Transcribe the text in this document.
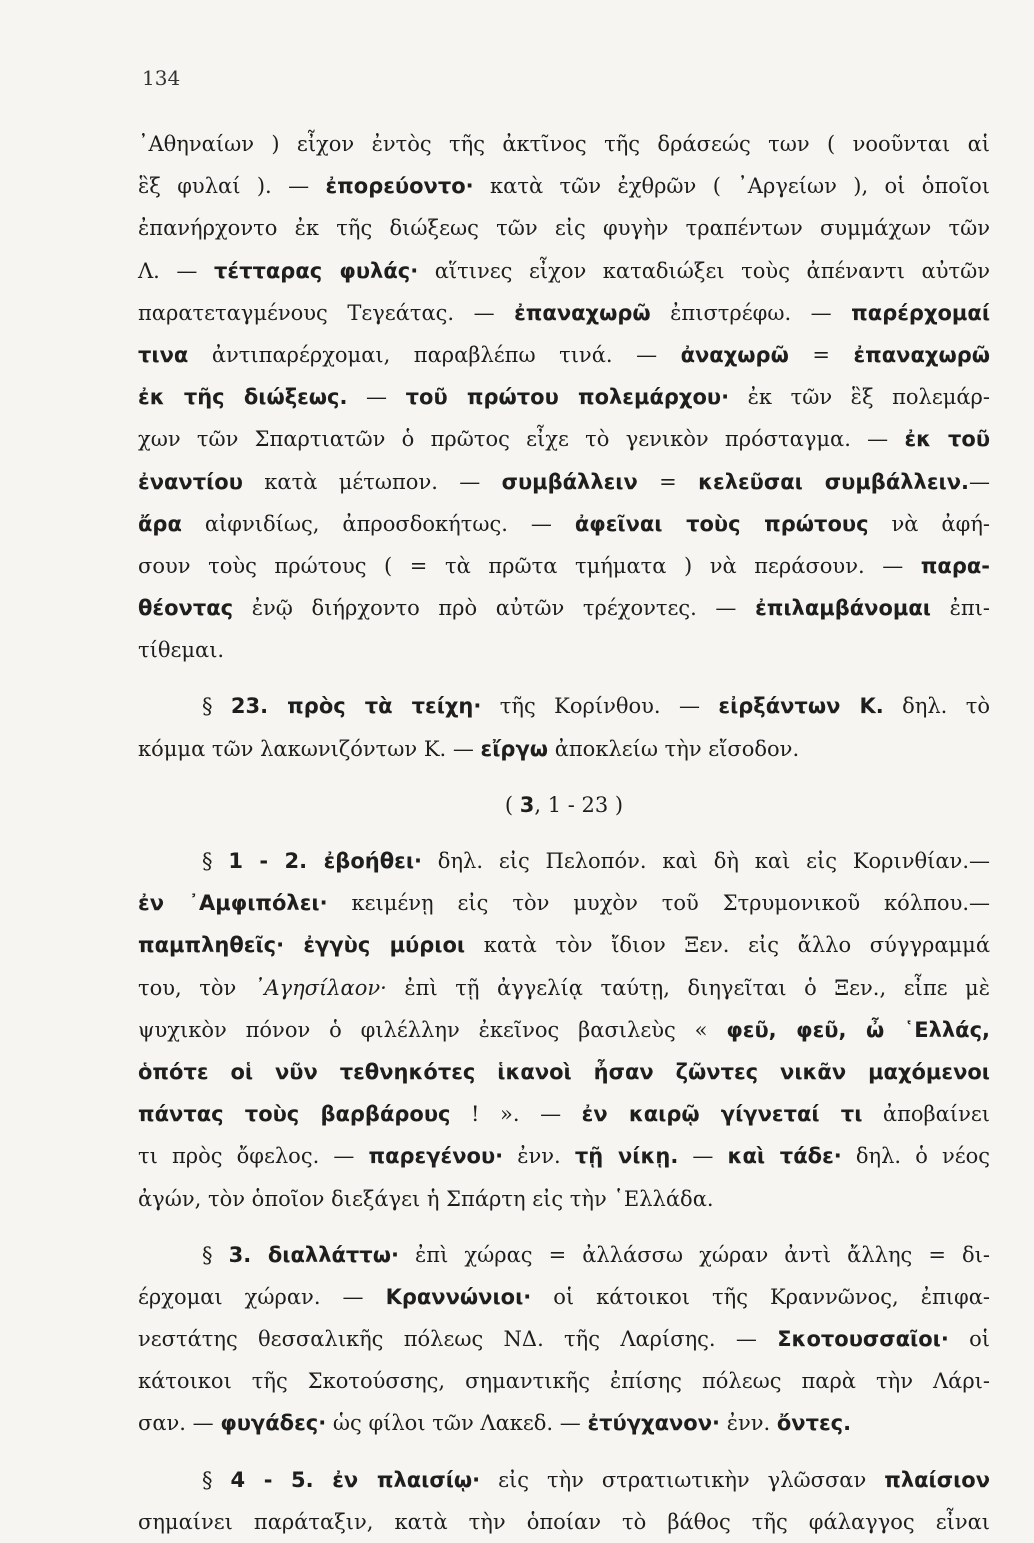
134
᾿Αθηναίων ) εἶχον ἐντὸς τῆς ἀκτῖνος τῆς δράσεώς των ( νοοῦνται αἱ
ἓξ φυλαί ). — ἐπορεύοντο· κατὰ τῶν ἐχθρῶν ( ᾿Αργείων ), οἱ ὁποῖοι
ἐπανήρχοντο ἐκ τῆς διώξεως τῶν εἰς φυγὴν τραπέντων συμμάχων τῶν
Λ. — τέτταρας φυλάς· αἵτινες εἶχον καταδιώξει τοὺς ἀπέναντι αὐτῶν
παρατεταγμένους Τεγεάτας. — ἐπαναχωρῶ ἐπιστρέφω. — παρέρχομαί
τινα ἀντιπαρέρχομαι, παραβλέπω τινά. — ἀναχωρῶ = ἐπαναχωρῶ
ἐκ τῆς διώξεως. — τοῦ πρώτου πολεμάρχου· ἐκ τῶν ἓξ πολεμάρ-
χων τῶν Σπαρτιατῶν ὁ πρῶτος εἶχε τὸ γενικὸν πρόσταγμα. — ἐκ τοῦ
ἐναντίου κατὰ μέτωπον. — συμβάλλειν = κελεῦσαι συμβάλλειν.—
ἄρα αἰφνιδίως, ἀπροσδοκήτως. — ἀφεῖναι τοὺς πρώτους νὰ ἀφή-
σουν τοὺς πρώτους ( = τὰ πρῶτα τμήματα ) νὰ περάσουν. — παρα-
θέοντας ἐνῷ διήρχοντο πρὸ αὐτῶν τρέχοντες. — ἐπιλαμβάνομαι ἐπι-
τίθεμαι.
§ 23. πρὸς τὰ τείχη· τῆς Κορίνθου. — εἰρξάντων Κ. δηλ. τὸ
κόμμα τῶν λακωνιζόντων Κ. — εἴργω ἀποκλείω τὴν εἴσοδον.
( 3, 1 - 23 )
§ 1 - 2. ἐβοήθει· δηλ. εἰς Πελοπόν. καὶ δὴ καὶ εἰς Κορινθίαν.—
ἐν ᾿Αμφιπόλει· κειμένῃ εἰς τὸν μυχὸν τοῦ Στρυμονικοῦ κόλπου.—
παμπληθεῖς· ἐγγὺς μύριοι κατὰ τὸν ἴδιον Ξεν. εἰς ἄλλο σύγγραμμά
του, τὸν ᾿Αγησίλαον· ἐπὶ τῇ ἀγγελίᾳ ταύτῃ, διηγεῖται ὁ Ξεν., εἶπε μὲ
ψυχικὸν πόνον ὁ φιλέλλην ἐκεῖνος βασιλεὺς « φεῦ, φεῦ, ὦ ῾Ελλάς,
ὁπότε οἱ νῦν τεθνηκότες ἱκανοὶ ἦσαν ζῶντες νικᾶν μαχόμενοι
πάντας τοὺς βαρβάρους ! ». — ἐν καιρῷ γίγνεταί τι ἀποβαίνει
τι πρὸς ὄφελος. — παρεγένου· ἐνν. τῇ νίκῃ. — καὶ τάδε· δηλ. ὁ νέος
ἀγών, τὸν ὁποῖον διεξάγει ἡ Σπάρτη εἰς τὴν ῾Ελλάδα.
§ 3. διαλλάττω· ἐπὶ χώρας = ἀλλάσσω χώραν ἀντὶ ἄλλης = δι-
έρχομαι χώραν. — Κραννώνιοι· οἱ κάτοικοι τῆς Κραννῶνος, ἐπιφα-
νεστάτης θεσσαλικῆς πόλεως ΝΔ. τῆς Λαρίσης. — Σκοτουσσαῖοι· οἱ
κάτοικοι τῆς Σκοτούσσης, σημαντικῆς ἐπίσης πόλεως παρὰ τὴν Λάρι-
σαν. — φυγάδες· ὡς φίλοι τῶν Λακεδ. — ἐτύγχανον· ἐνν. ὄντες.
§ 4 - 5. ἐν πλαισίῳ· εἰς τὴν στρατιωτικὴν γλῶσσαν πλαίσιον
σημαίνει παράταξιν, κατὰ τὴν ὁποίαν τὸ βάθος τῆς φάλαγγος εἶναι
